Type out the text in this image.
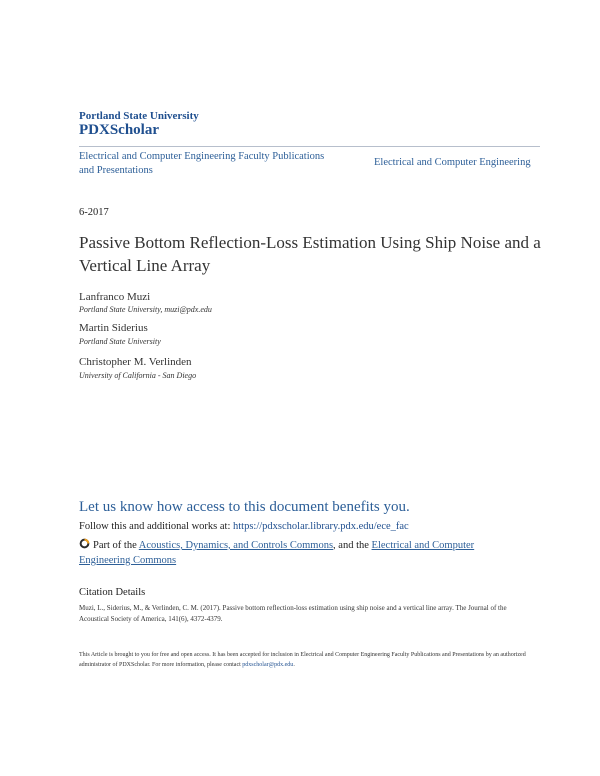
Portland State University
PDXScholar
Electrical and Computer Engineering Faculty Publications and Presentations
Electrical and Computer Engineering
6-2017
Passive Bottom Reflection-Loss Estimation Using Ship Noise and a Vertical Line Array
Lanfranco Muzi
Portland State University, muzi@pdx.edu
Martin Siderius
Portland State University
Christopher M. Verlinden
University of California - San Diego
Let us know how access to this document benefits you.
Follow this and additional works at: https://pdxscholar.library.pdx.edu/ece_fac
Part of the Acoustics, Dynamics, and Controls Commons, and the Electrical and Computer Engineering Commons
Citation Details
Muzi, L., Siderius, M., & Verlinden, C. M. (2017). Passive bottom reflection-loss estimation using ship noise and a vertical line array. The Journal of the Acoustical Society of America, 141(6), 4372-4379.
This Article is brought to you for free and open access. It has been accepted for inclusion in Electrical and Computer Engineering Faculty Publications and Presentations by an authorized administrator of PDXScholar. For more information, please contact pdxscholar@pdx.edu.
